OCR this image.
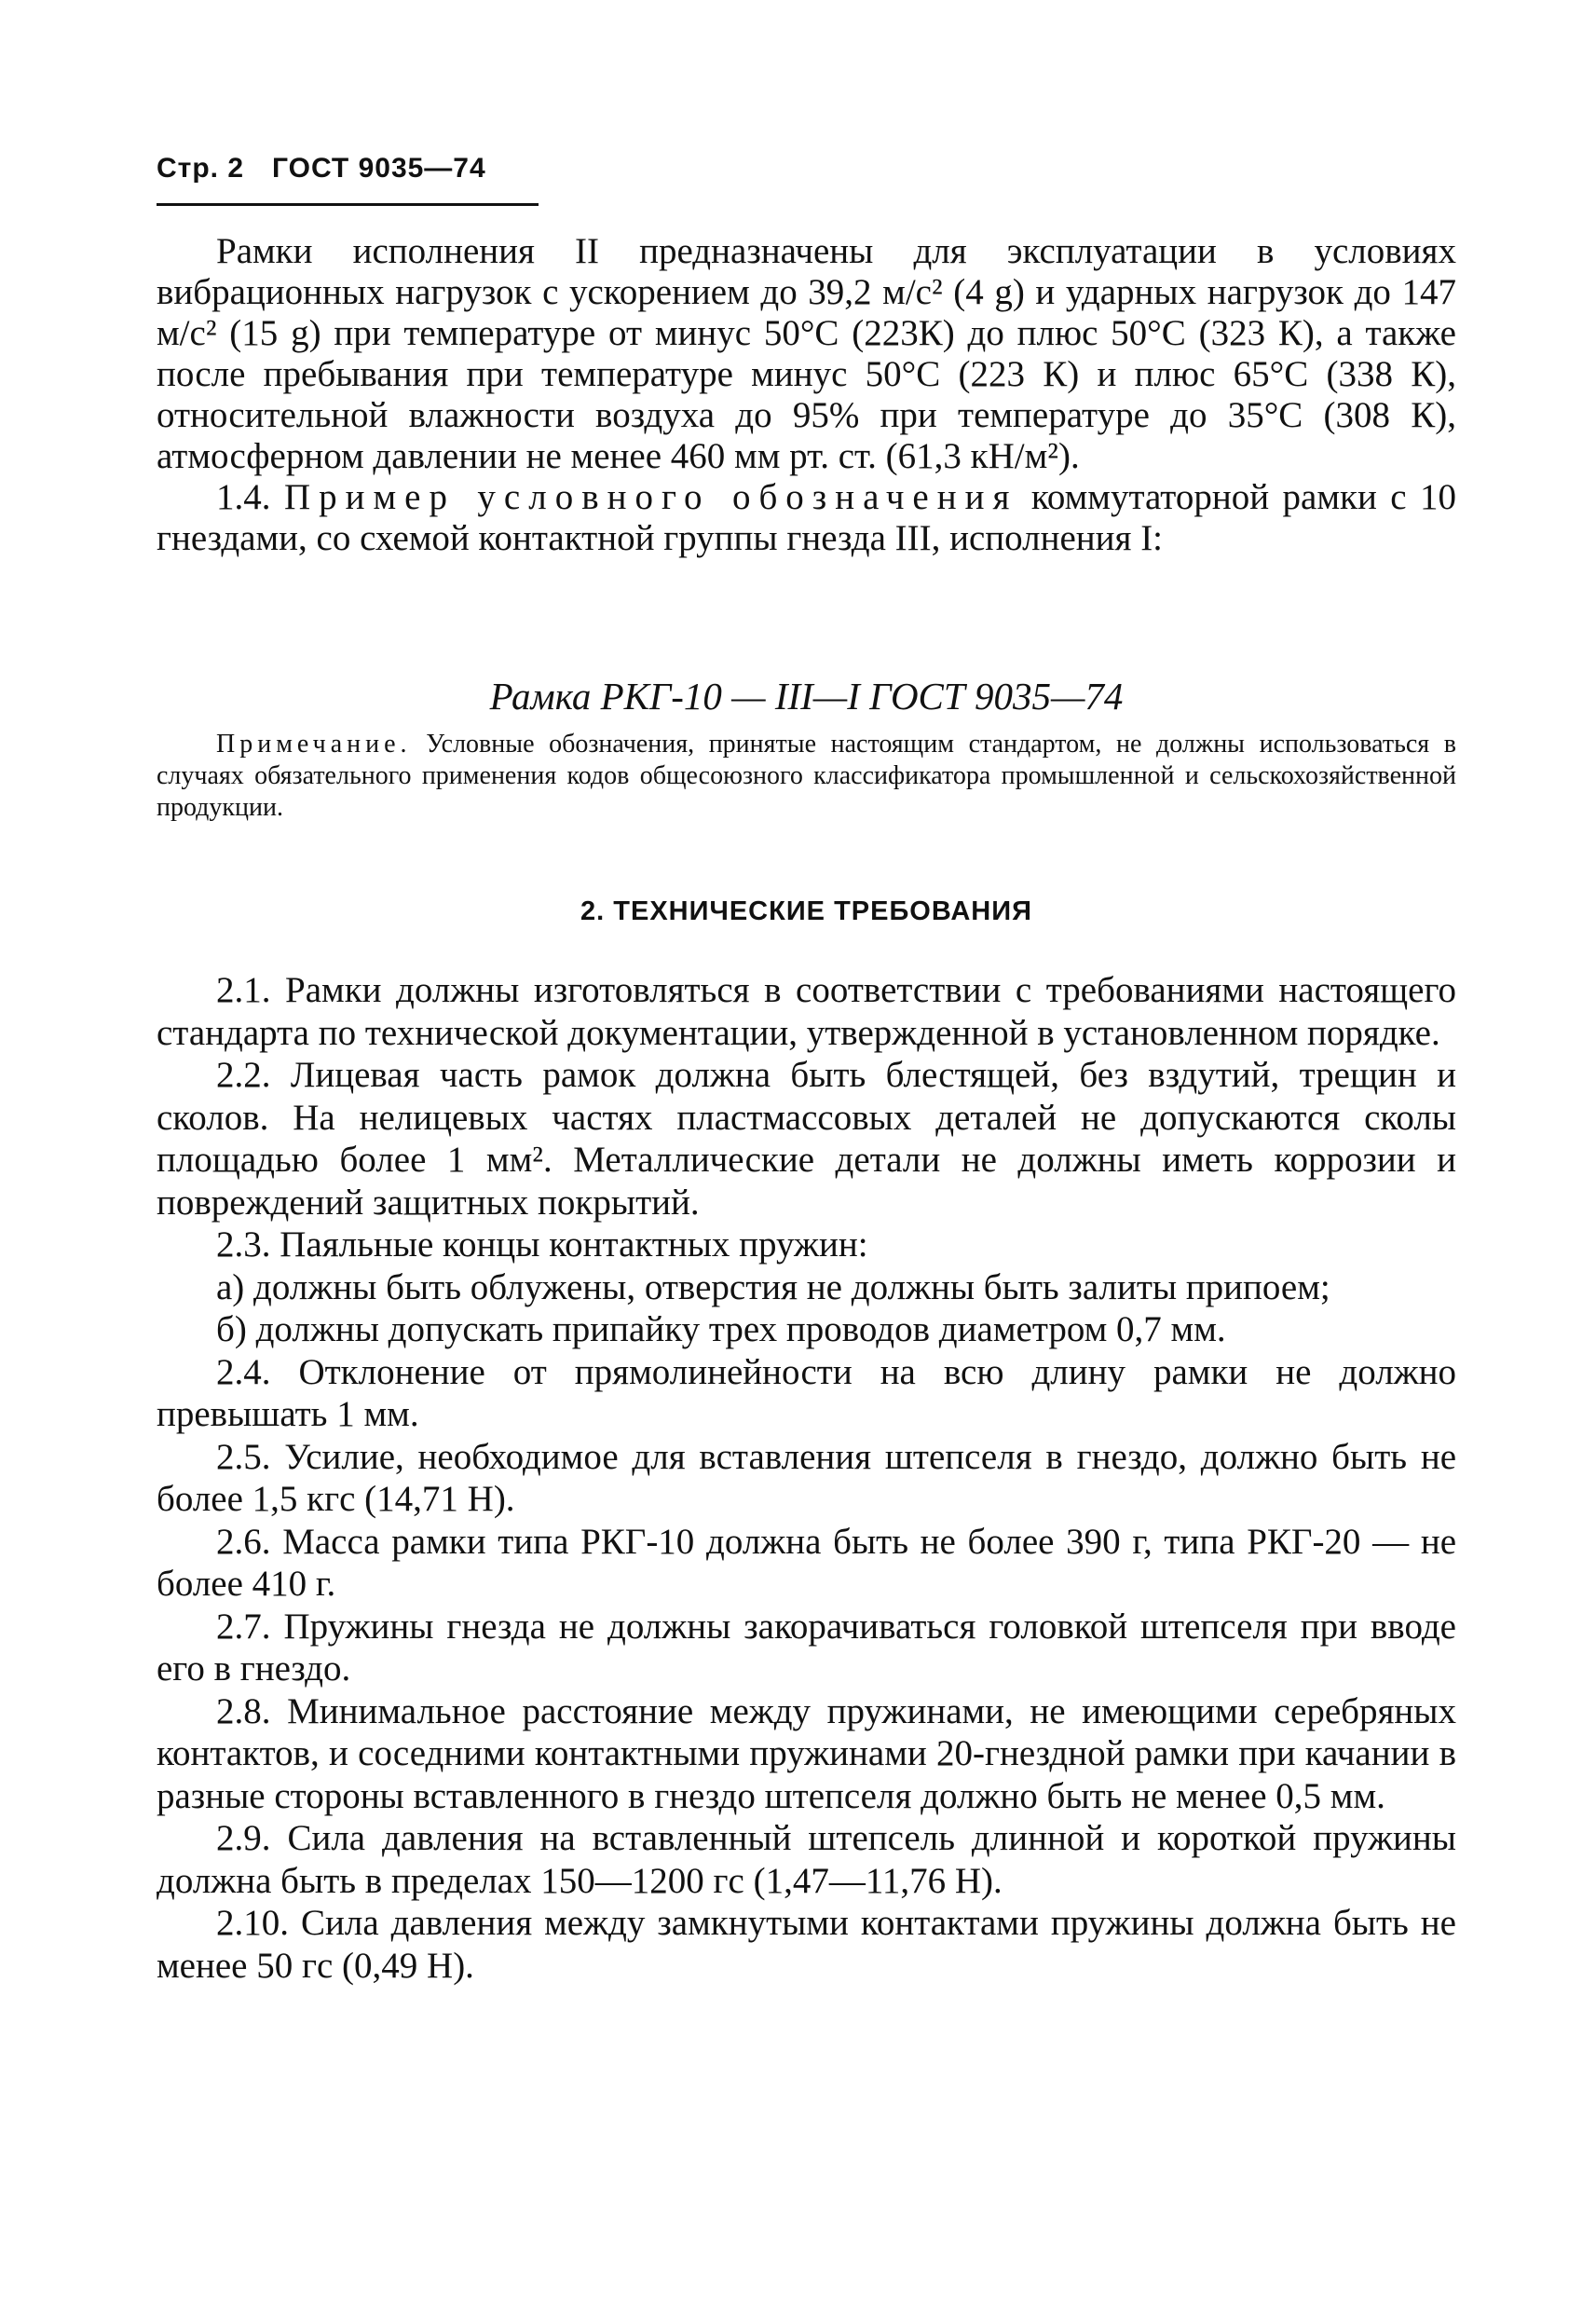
Стр. 2 ГОСТ 9035—74

Рамки исполнения II предназначены для эксплуатации в условиях вибрационных нагрузок с ускорением до 39,2 м/с² (4 g) и ударных нагрузок до 147 м/с² (15 g) при температуре от минус 50°С (223К) до плюс 50°С (323 К), а также после пребывания при температуре минус 50°С (223 К) и плюс 65°С (338 К), относительной влажности воздуха до 95% при температуре до 35°С (308 К), атмосферном давлении не менее 460 мм рт. ст. (61,3 кН/м²).

1.4. Пример условного обозначения коммутаторной рамки с 10 гнездами, со схемой контактной группы гнезда III, исполнения I:

Рамка РКГ-10 — III—I ГОСТ 9035—74

Примечание. Условные обозначения, принятые настоящим стандартом, не должны использоваться в случаях обязательного применения кодов общесоюзного классификатора промышленной и сельскохозяйственной продукции.

2. ТЕХНИЧЕСКИЕ ТРЕБОВАНИЯ

2.1. Рамки должны изготовляться в соответствии с требованиями настоящего стандарта по технической документации, утвержденной в установленном порядке.

2.2. Лицевая часть рамок должна быть блестящей, без вздутий, трещин и сколов. На нелицевых частях пластмассовых деталей не допускаются сколы площадью более 1 мм². Металлические детали не должны иметь коррозии и повреждений защитных покрытий.

2.3. Паяльные концы контактных пружин:

а) должны быть облужены, отверстия не должны быть залиты припоем;

б) должны допускать припайку трех проводов диаметром 0,7 мм.

2.4. Отклонение от прямолинейности на всю длину рамки не должно превышать 1 мм.

2.5. Усилие, необходимое для вставления штепселя в гнездо, должно быть не более 1,5 кгс (14,71 Н).

2.6. Масса рамки типа РКГ-10 должна быть не более 390 г, типа РКГ-20 — не более 410 г.

2.7. Пружины гнезда не должны закорачиваться головкой штепселя при вводе его в гнездо.

2.8. Минимальное расстояние между пружинами, не имеющими серебряных контактов, и соседними контактными пружинами 20-гнездной рамки при качании в разные стороны вставленного в гнездо штепселя должно быть не менее 0,5 мм.

2.9. Сила давления на вставленный штепсель длинной и короткой пружины должна быть в пределах 150—1200 гс (1,47—11,76 Н).

2.10. Сила давления между замкнутыми контактами пружины должна быть не менее 50 гс (0,49 Н).
